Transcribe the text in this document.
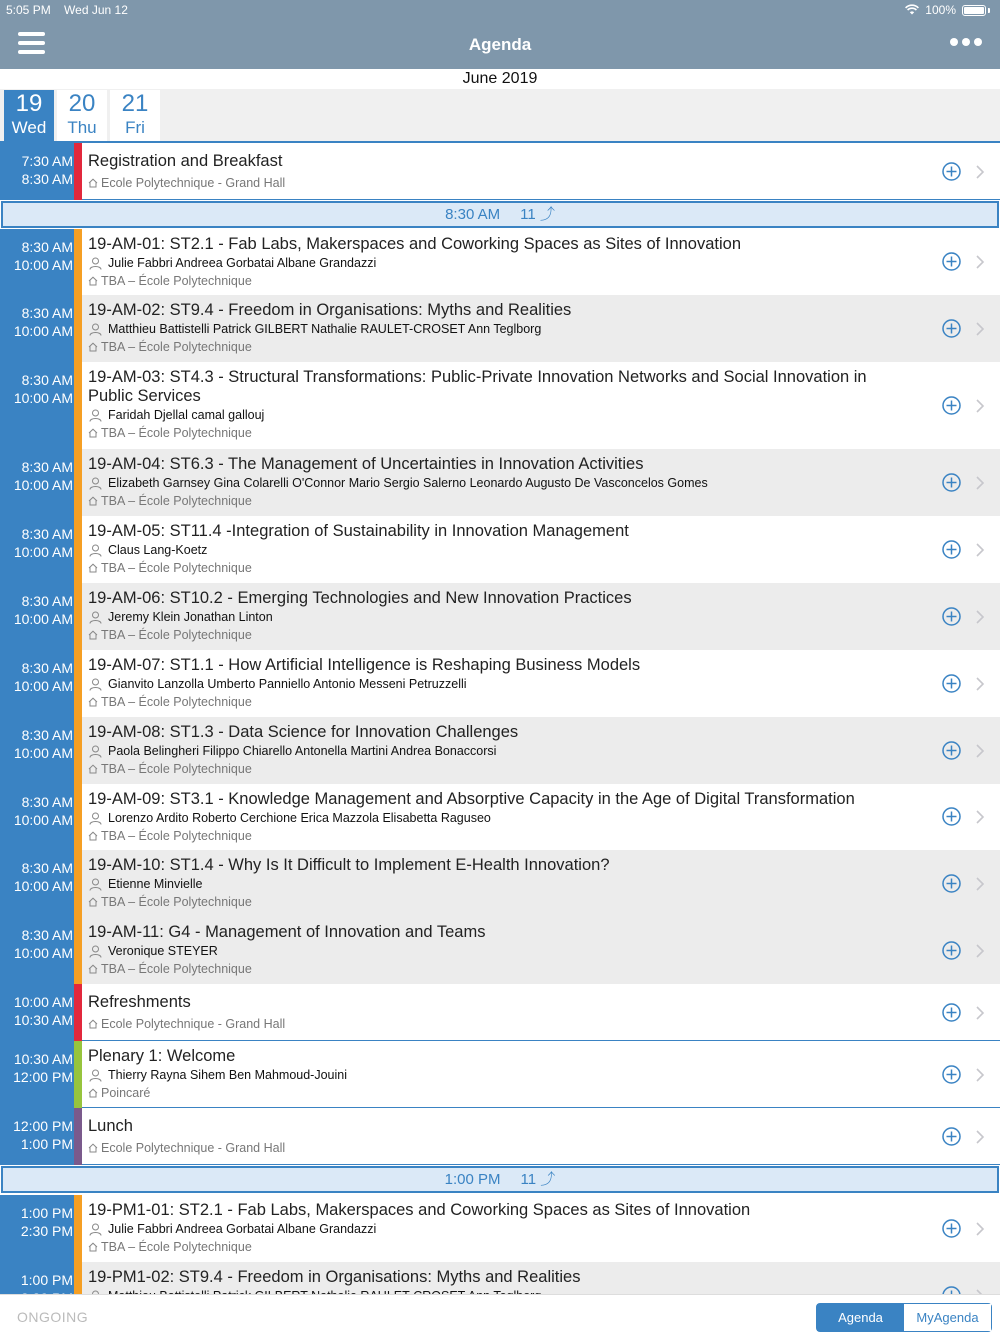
5:05 PM Wed Jun 12	100%
Agenda
June 2019
19
Wed
20
Thu
21
Fri
7:30 AM
8:30 AM
Registration and Breakfast
Ecole Polytechnique - Grand Hall
8:30 AM 11 ⤴
8:30 AM
10:00 AM
19-AM-01: ST2.1 - Fab Labs, Makerspaces and Coworking Spaces as Sites of Innovation
Julie Fabbri Andreea Gorbatai Albane Grandazzi
TBA – École Polytechnique
8:30 AM
10:00 AM
19-AM-02: ST9.4 - Freedom in Organisations: Myths and Realities
Matthieu Battistelli Patrick GILBERT Nathalie RAULET-CROSET Ann Teglborg
TBA – École Polytechnique
8:30 AM
10:00 AM
19-AM-03: ST4.3 - Structural Transformations: Public-Private Innovation Networks and Social Innovation in Public Services
Faridah Djellal camal gallouj
TBA – École Polytechnique
8:30 AM
10:00 AM
19-AM-04: ST6.3 - The Management of Uncertainties in Innovation Activities
Elizabeth Garnsey Gina Colarelli O'Connor Mario Sergio Salerno Leonardo Augusto De Vasconcelos Gomes
TBA – École Polytechnique
8:30 AM
10:00 AM
19-AM-05: ST11.4 -Integration of Sustainability in Innovation Management
Claus Lang-Koetz
TBA – École Polytechnique
8:30 AM
10:00 AM
19-AM-06: ST10.2 - Emerging Technologies and New Innovation Practices
Jeremy Klein Jonathan Linton
TBA – École Polytechnique
8:30 AM
10:00 AM
19-AM-07: ST1.1 - How Artificial Intelligence is Reshaping Business Models
Gianvito Lanzolla Umberto Panniello Antonio Messeni Petruzzelli
TBA – École Polytechnique
8:30 AM
10:00 AM
19-AM-08: ST1.3 - Data Science for Innovation Challenges
Paola Belingheri Filippo Chiarello Antonella Martini Andrea Bonaccorsi
TBA – École Polytechnique
8:30 AM
10:00 AM
19-AM-09: ST3.1 - Knowledge Management and Absorptive Capacity in the Age of Digital Transformation
Lorenzo Ardito Roberto Cerchione Erica Mazzola Elisabetta Raguseo
TBA – École Polytechnique
8:30 AM
10:00 AM
19-AM-10: ST1.4 - Why Is It Difficult to Implement E-Health Innovation?
Etienne Minvielle
TBA – École Polytechnique
8:30 AM
10:00 AM
19-AM-11: G4 - Management of Innovation and Teams
Veronique STEYER
TBA – École Polytechnique
10:00 AM
10:30 AM
Refreshments
Ecole Polytechnique - Grand Hall
10:30 AM
12:00 PM
Plenary 1: Welcome
Thierry Rayna Sihem Ben Mahmoud-Jouini
Poincaré
12:00 PM
1:00 PM
Lunch
Ecole Polytechnique - Grand Hall
1:00 PM 11 ⤴
1:00 PM
2:30 PM
19-PM1-01: ST2.1 - Fab Labs, Makerspaces and Coworking Spaces as Sites of Innovation
Julie Fabbri Andreea Gorbatai Albane Grandazzi
TBA – École Polytechnique
1:00 PM 19-PM1-02: ST9.4 - Freedom in Organisations: Myths and Realities
ONGOING	Agenda	MyAgenda
